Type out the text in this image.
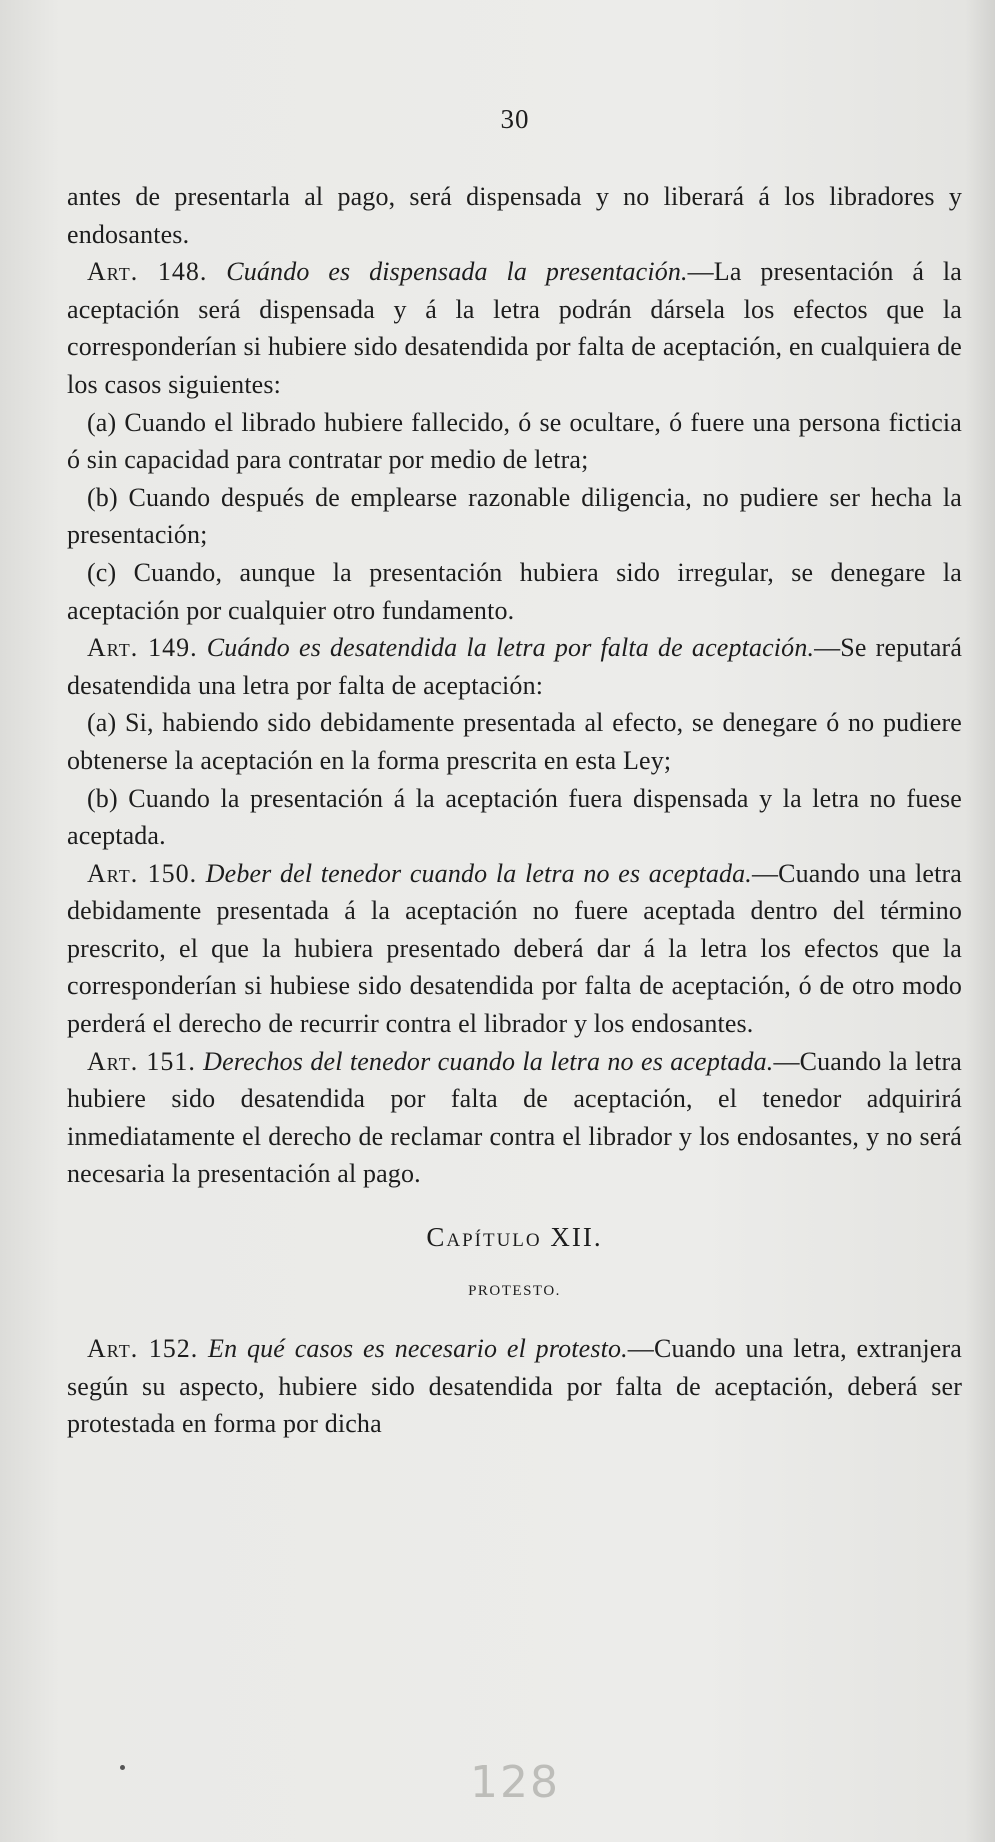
30

antes de presentarla al pago, será dispensada y no liberará á los libradores y endosantes.

Art. 148. Cuándo es dispensada la presentación.—La presentación á la aceptación será dispensada y á la letra podrán dársela los efectos que la corresponderían si hubiere sido desatendida por falta de aceptación, en cualquiera de los casos siguientes:

(a) Cuando el librado hubiere fallecido, ó se ocultare, ó fuere una persona ficticia ó sin capacidad para contratar por medio de letra;

(b) Cuando después de emplearse razonable diligencia, no pudiere ser hecha la presentación;

(c) Cuando, aunque la presentación hubiera sido irregular, se denegare la aceptación por cualquier otro fundamento.

Art. 149. Cuándo es desatendida la letra por falta de aceptación.—Se reputará desatendida una letra por falta de aceptación:

(a) Si, habiendo sido debidamente presentada al efecto, se denegare ó no pudiere obtenerse la aceptación en la forma prescrita en esta Ley;

(b) Cuando la presentación á la aceptación fuera dispensada y la letra no fuese aceptada.

Art. 150. Deber del tenedor cuando la letra no es aceptada.—Cuando una letra debidamente presentada á la aceptación no fuere aceptada dentro del término prescrito, el que la hubiera presentado deberá dar á la letra los efectos que la corresponderían si hubiese sido desatendida por falta de aceptación, ó de otro modo perderá el derecho de recurrir contra el librador y los endosantes.

Art. 151. Derechos del tenedor cuando la letra no es aceptada.—Cuando la letra hubiere sido desatendida por falta de aceptación, el tenedor adquirirá inmediatamente el derecho de reclamar contra el librador y los endosantes, y no será necesaria la presentación al pago.

Capítulo XII.
PROTESTO.

Art. 152. En qué casos es necesario el protesto.—Cuando una letra, extranjera según su aspecto, hubiere sido desatendida por falta de aceptación, deberá ser protestada en forma por dicha

128
